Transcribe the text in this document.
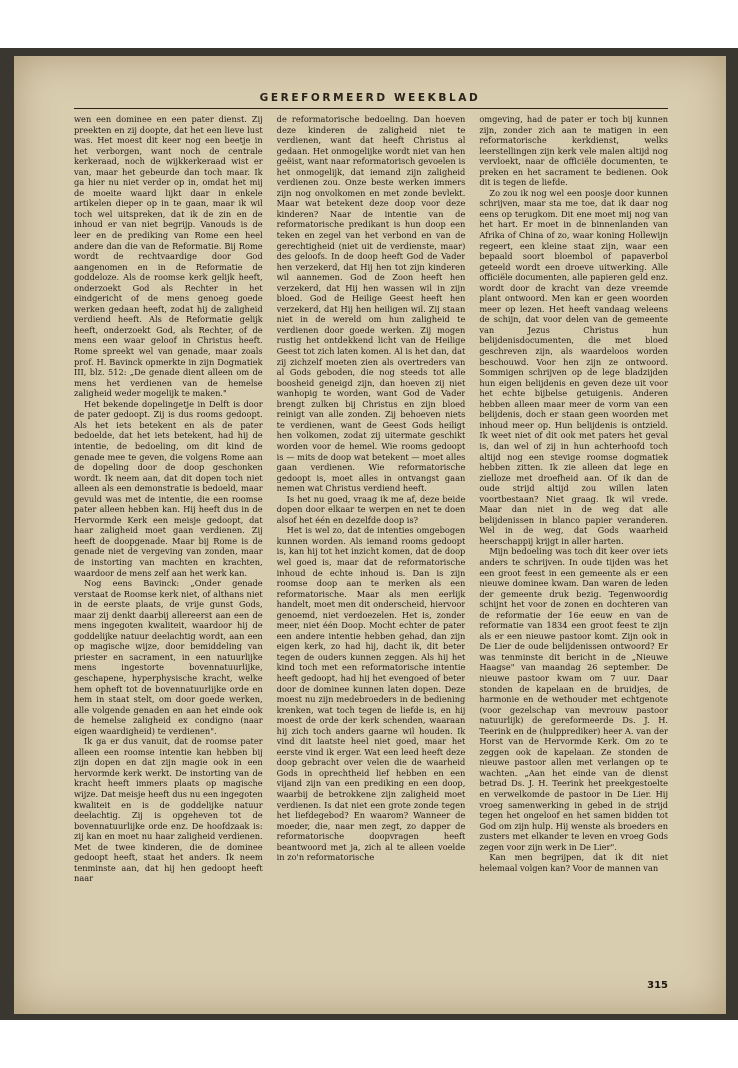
GEREFORMEERD WEEKBLAD

wen een dominee en een pater dienst. Zij preekten en zij doopte, dat het een lieve lust was. Het moest dit keer nog een beetje in het verborgen, want noch de centrale kerkeraad, noch de wijkkerkeraad wist er van, maar het gebeurde dan toch maar. Ik ga hier nu niet verder op in, omdat het mij de moeite waard lijkt daar in enkele artikelen dieper op in te gaan, maar ik wil toch wel uitspreken, dat ik de zin en de inhoud er van niet begrijp. Vanouds is de leer en de prediking van Rome een heel andere dan die van de Reformatie. Bij Rome wordt de rechtvaardige door God aangenomen en in de Reformatie de goddeloze. Als de roomse kerk gelijk heeft, onderzoekt God als Rechter in het eindgericht of de mens genoeg goede werken gedaan heeft, zodat hij de zaligheid verdiend heeft. Als de Reformatie gelijk heeft, onderzoekt God, als Rechter, of de mens een waar geloof in Christus heeft. Rome spreekt wel van genade, maar zoals prof. H. Bavinck opmerkte in zijn Dogmatiek III, blz. 512: „De genade dient alleen om de mens het verdienen van de hemelse zaligheid weder mogelijk te maken."

Het bekende dopelingetje in Delft is door de pater gedoopt. Zij is dus rooms gedoopt. Als het iets betekent en als de pater bedoelde, dat het iets betekent, had hij de intentie, de bedoeling, om dit kind de genade mee te geven, die volgens Rome aan de dopeling door de doop geschonken wordt. Ik neem aan, dat dit dopen toch niet alleen als een demonstratie is bedoeld, maar gevuld was met de intentie, die een roomse pater alleen hebben kan. Hij heeft dus in de Hervormde Kerk een meisje gedoopt, dat haar zaligheid moet gaan verdienen. Zij heeft de doopgenade. Maar bij Rome is de genade niet de vergeving van zonden, maar de instorting van machten en krachten, waardoor de mens zelf aan het werk kan.

Nog eens Bavinck: „Onder genade verstaat de Roomse kerk niet, of althans niet in de eerste plaats, de vrije gunst Gods, maar zij denkt daarbij allereerst aan een de mens ingegoten kwaliteit, waardoor hij de goddelijke natuur deelachtig wordt, aan een op magische wijze, door bemiddeling van priester en sacrament, in een natuurlijke mens ingestorte bovennatuurlijke, geschapene, hyperphysische kracht, welke hem opheft tot de bovennatuurlijke orde en hem in staat stelt, om door goede werken, alle volgende genaden en aan het einde ook de hemelse zaligheid ex condigno (naar eigen waardigheid) te verdienen".

Ik ga er dus vanuit, dat de roomse pater alleen een roomse intentie kan hebben bij zijn dopen en dat zijn magie ook in een hervormde kerk werkt. De instorting van de kracht heeft immers plaats op magische wijze. Dat meisje heeft dus nu een ingegoten kwaliteit en is de goddelijke natuur deelachtig. Zij is opgeheven tot de bovennatuurlijke orde enz. De hoofdzaak is: zij kan en moet nu haar zaligheid verdienen. Met de twee kinderen, die de dominee gedoopt heeft, staat het anders. Ik neem tenminste aan, dat hij hen gedoopt heeft naar

de reformatorische bedoeling. Dan hoeven deze kinderen de zaligheid niet te verdienen, want dat heeft Christus al gedaan. Het onmogelijke wordt niet van hen geëist, want naar reformatorisch gevoelen is het onmogelijk, dat iemand zijn zaligheid verdienen zou. Onze beste werken immers zijn nog onvolkomen en met zonde bevlekt. Maar wat betekent deze doop voor deze kinderen? Naar de intentie van de reformatorische predikant is hun doop een teken en zegel van het verbond en van de gerechtigheid (niet uit de verdienste, maar) des geloofs. In de doop heeft God de Vader hen verzekerd, dat Hij hen tot zijn kinderen wil aannemen. God de Zoon heeft hen verzekerd, dat Hij hen wassen wil in zijn bloed. God de Heilige Geest heeft hen verzekerd, dat Hij hen heiligen wil. Zij staan niet in de wereld om hun zaligheid te verdienen door goede werken. Zij mogen rustig het ontdekkend licht van de Heilige Geest tot zich laten komen. Al is het dan, dat zij zichzelf moeten zien als overtreders van al Gods geboden, die nog steeds tot alle boosheid geneigd zijn, dan hoeven zij niet wanhopig te worden, want God de Vader brengt zulken bij Christus en zijn bloed reinigt van alle zonden. Zij behoeven niets te verdienen, want de Geest Gods heiligt hen volkomen, zodat zij uitermate geschikt worden voor de hemel. Wie rooms gedoopt is — mits de doop wat betekent — moet alles gaan verdienen. Wie reformatorische gedoopt is, moet alles in ontvangst gaan nemen wat Christus verdiend heeft.

Is het nu goed, vraag ik me af, deze beide dopen door elkaar te werpen en net te doen alsof het één en dezelfde doop is?

Het is wel zo, dat de intenties omgebogen kunnen worden. Als iemand rooms gedoopt is, kan hij tot het inzicht komen, dat de doop wel goed is, maar dat de reformatorische inhoud de echte inhoud is. Dan is zijn roomse doop aan te merken als een reformatorische. Maar als men eerlijk handelt, moet men dit onderscheid, hiervoor genoemd, niet verdoezelen. Het is, zonder meer, niet één Doop. Mocht echter de pater een andere intentie hebben gehad, dan zijn eigen kerk, zo had hij, dacht ik, dit beter tegen de ouders kunnen zeggen. Als hij het kind toch met een reformatorische intentie heeft gedoopt, had hij het evengoed of beter door de dominee kunnen laten dopen. Deze moest nu zijn medebroeders in de bediening krenken, wat toch tegen de liefde is, en hij moest de orde der kerk schenden, waaraan hij zich toch anders gaarne wil houden. Ik vind dit laatste heel niet goed, maar het eerste vind ik erger. Wat een leed heeft deze doop gebracht over velen die de waarheid Gods in oprechtheid lief hebben en een vijand zijn van een prediking en een doop, waarbij de betrokkene zijn zaligheid moet verdienen. Is dat niet een grote zonde tegen het liefdegebod? En waarom? Wanneer de moeder, die, naar men zegt, zo dapper de reformatorische doopvragen heeft beantwoord met ja, zich al te alleen voelde in zo'n reformatorische

omgeving, had de pater er toch bij kunnen zijn, zonder zich aan te matigen in een reformatorische kerkdienst, welks leerstellingen zijn kerk vele malen altijd nog vervloekt, naar de officiële documenten, te preken en het sacrament te bedienen. Ook dit is tegen de liefde.

Zo zou ik nog wel een poosje door kunnen schrijven, maar sta me toe, dat ik daar nog eens op terugkom. Dit ene moet mij nog van het hart. Er moet in de binnenlanden van Afrika of China of zo, waar koning Hollewijn regeert, een kleine staat zijn, waar een bepaald soort bloembol of papaverbol geteeld wordt een droeve uitwerking. Alle officiële documenten, alle papieren geld enz. wordt door de kracht van deze vreemde plant ontwoord. Men kan er geen woorden meer op lezen. Het heeft vandaag weleens de schijn, dat voor delen van de gemeente van Jezus Christus hun belijdenisdocumenten, die met bloed geschreven zijn, als waardeloos worden beschouwd. Voor hen zijn ze ontwoord. Sommigen schrijven op de lege bladzijden hun eigen belijdenis en geven deze uit voor het echte bijbelse getuigenis. Anderen hebben alleen maar meer de vorm van een belijdenis, doch er staan geen woorden met inhoud meer op. Hun belijdenis is ontzield. Ik weet niet of dit ook met paters het geval is, dan wel of zij in hun achterhoofd toch altijd nog een stevige roomse dogmatiek hebben zitten. Ik zie alleen dat lege en zielloze met droefheid aan. Of ik dan de oude strijd altijd zou willen laten voortbestaan? Niet graag. Ik wil vrede. Maar dan niet in de weg dat alle belijdenissen in blanco papier veranderen. Wel in de weg, dat Gods waarheid heerschappij krijgt in aller harten.

Mijn bedoeling was toch dit keer over iets anders te schrijven. In oude tijden was het een groot feest in een gemeente als er een nieuwe dominee kwam. Dan waren de leden der gemeente druk bezig. Tegenwoordig schijnt het voor de zonen en dochteren van de reformatie der 16e eeuw en van de reformatie van 1834 een groot feest te zijn als er een nieuwe pastoor komt. Zijn ook in De Lier de oude belijdenissen ontwoord? Er was tenminste dit bericht in de „Nieuwe Haagse" van maandag 26 september. De nieuwe pastoor kwam om 7 uur. Daar stonden de kapelaan en de bruidjes, de harmonie en de wethouder met echtgenote (voor gezelschap van mevrouw pastoor natuurlijk) de gereformeerde Ds. J. H. Teerink en de (hulpprediker) heer A. van der Horst van de Hervormde Kerk. Om zo te zeggen ook de kapelaan. Ze stonden de nieuwe pastoor allen met verlangen op te wachten. „Aan het einde van de dienst betrad Ds. J. H. Teerink het preekgestoelte en verwelkomde de pastoor in De Lier. Hij vroeg samenwerking in gebed in de strijd tegen het ongeloof en het samen bidden tot God om zijn hulp. Hij wenste als broeders en zusters met elkander te leven en vroeg Gods zegen voor zijn werk in De Lier".

Kan men begrijpen, dat ik dit niet helemaal volgen kan? Voor de mannen van

315
